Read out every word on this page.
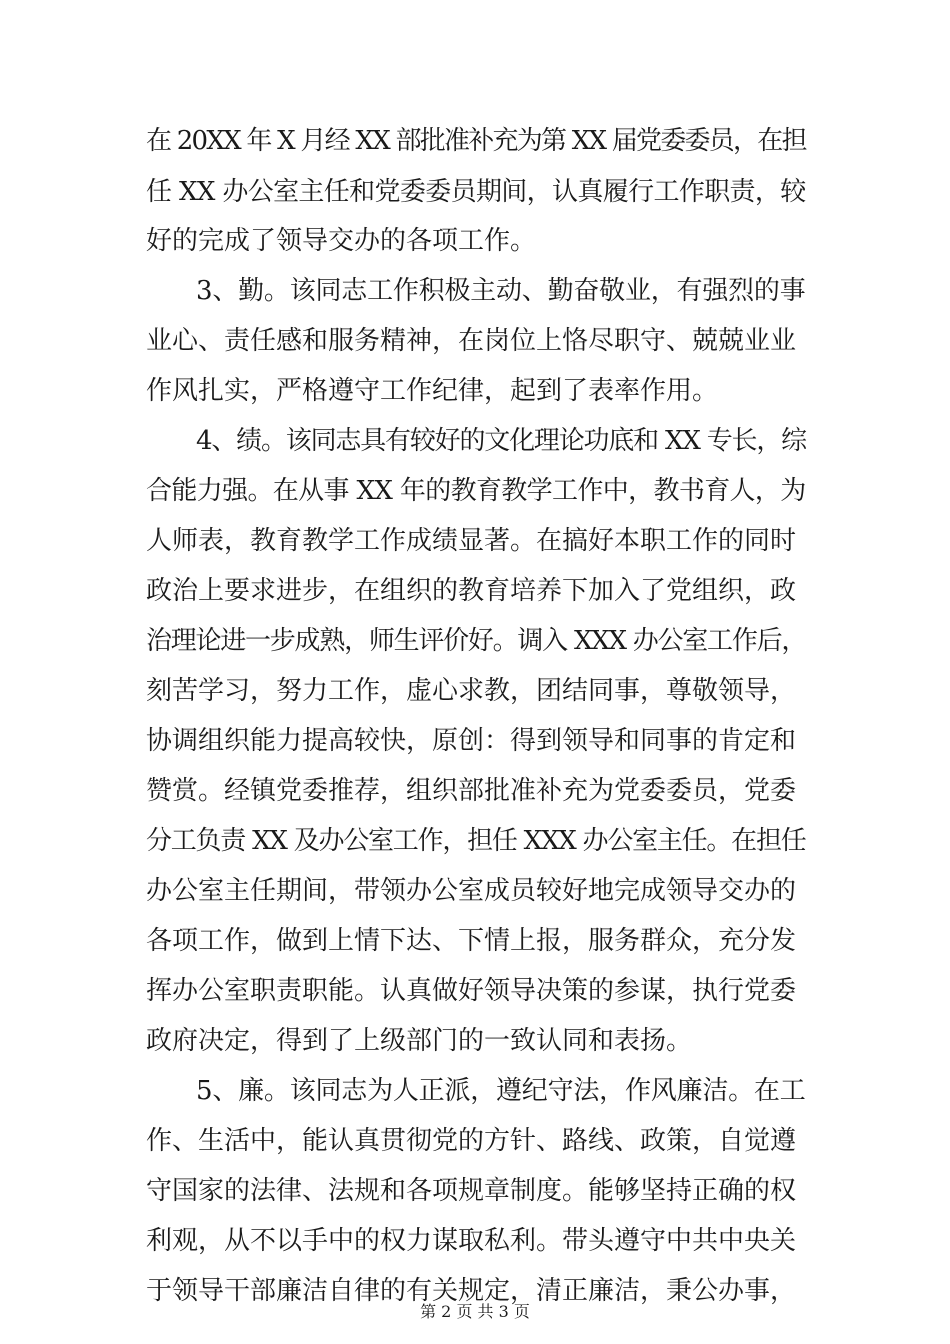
在 20XX 年 X 月经 XX 部批准补充为第 XX 届党委委员，在担
任 XX 办公室主任和党委委员期间，认真履行工作职责，较
好的完成了领导交办的各项工作。
3、勤。该同志工作积极主动、勤奋敬业，有强烈的事
业心、责任感和服务精神，在岗位上恪尽职守、兢兢业业
作风扎实，严格遵守工作纪律，起到了表率作用。
4、绩。该同志具有较好的文化理论功底和 XX 专长，综
合能力强。在从事 XX 年的教育教学工作中，教书育人，为
人师表，教育教学工作成绩显著。在搞好本职工作的同时
政治上要求进步，在组织的教育培养下加入了党组织，政
治理论进一步成熟，师生评价好。调入 XXX 办公室工作后，
刻苦学习，努力工作，虚心求教，团结同事，尊敬领导，
协调组织能力提高较快，原创：得到领导和同事的肯定和
赞赏。经镇党委推荐，组织部批准补充为党委委员，党委
分工负责 XX 及办公室工作，担任 XXX 办公室主任。在担任
办公室主任期间，带领办公室成员较好地完成领导交办的
各项工作，做到上情下达、下情上报，服务群众，充分发
挥办公室职责职能。认真做好领导决策的参谋，执行党委
政府决定，得到了上级部门的一致认同和表扬。
5、廉。该同志为人正派，遵纪守法，作风廉洁。在工
作、生活中，能认真贯彻党的方针、路线、政策，自觉遵
守国家的法律、法规和各项规章制度。能够坚持正确的权
利观，从不以手中的权力谋取私利。带头遵守中共中央关
于领导干部廉洁自律的有关规定，清正廉洁，秉公办事，
第 2 页 共 3 页
